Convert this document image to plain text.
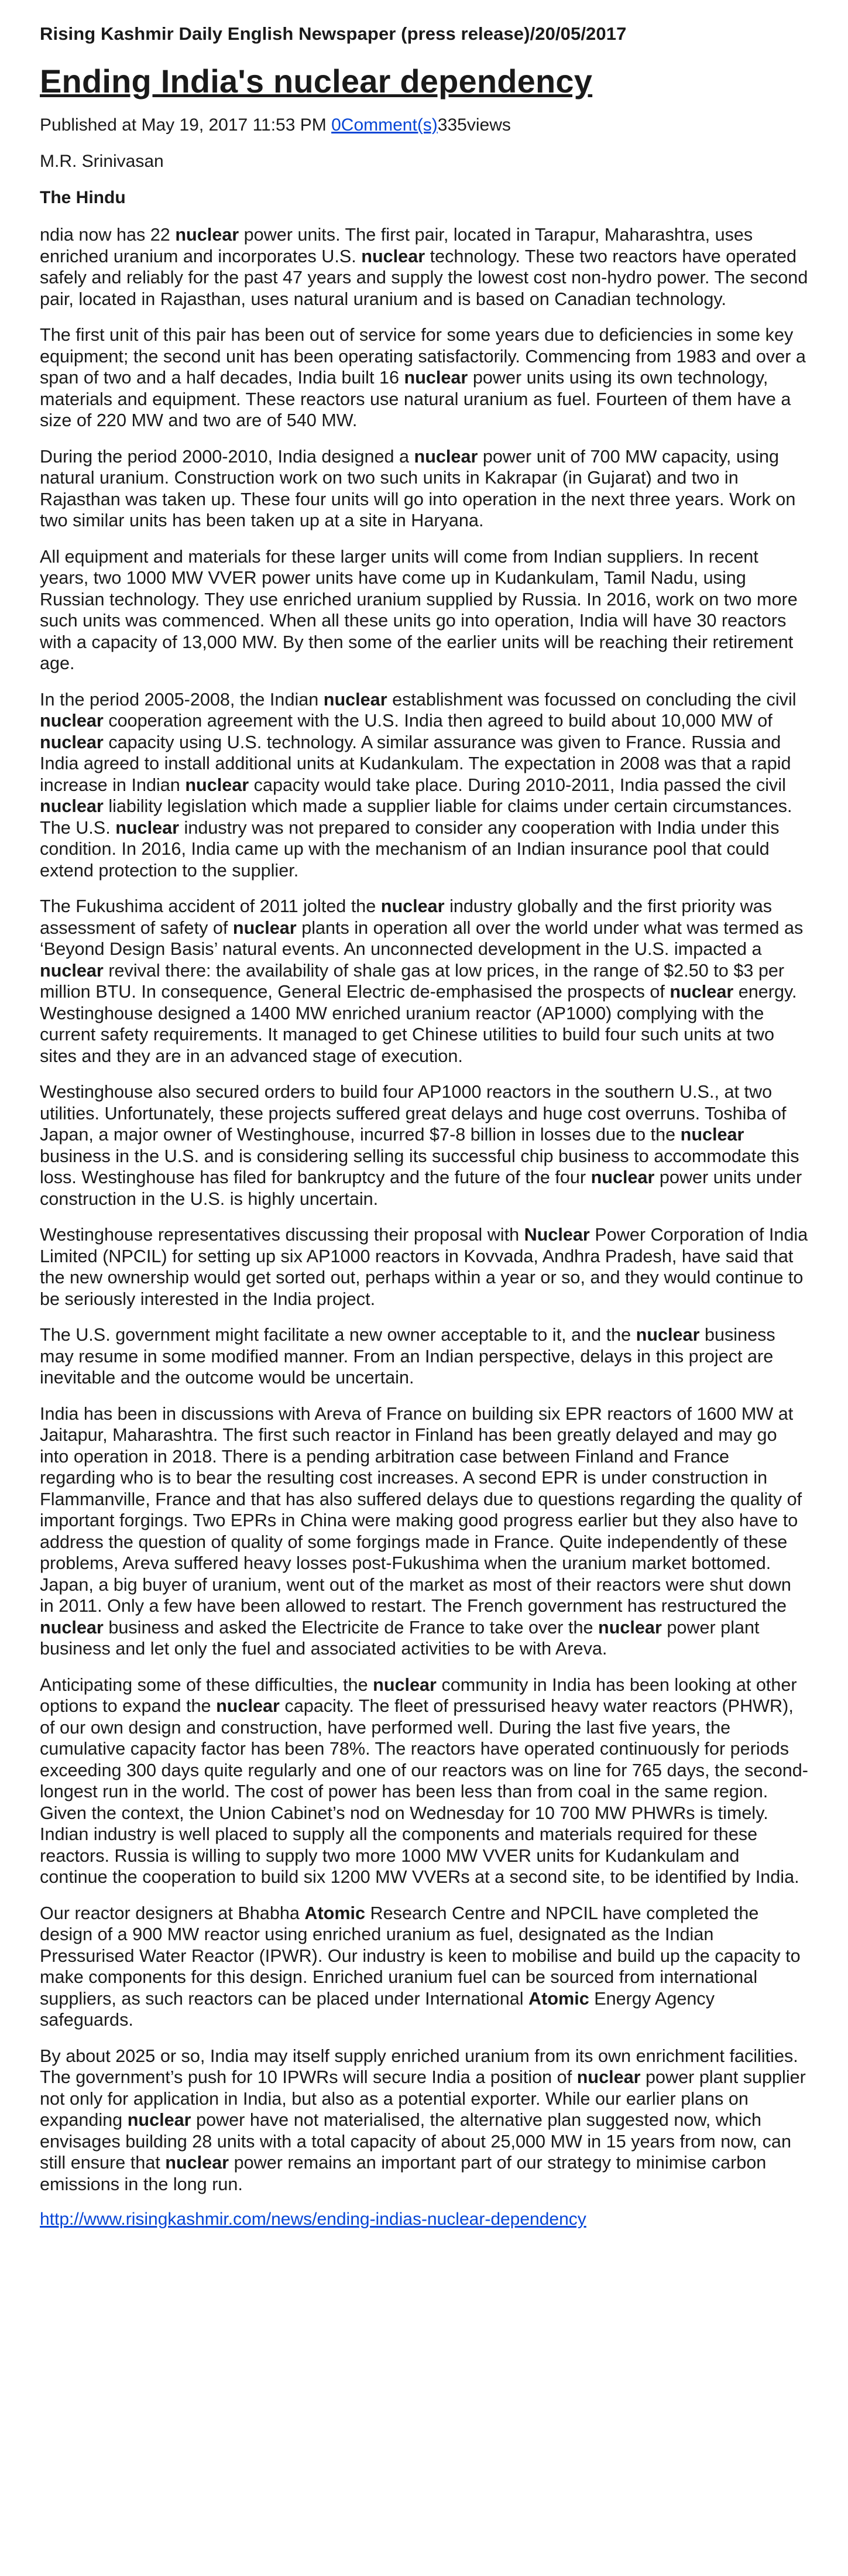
Rising Kashmir Daily English Newspaper (press release)/20/05/2017
Ending India's nuclear dependency
Published at May 19, 2017 11:53 PM 0Comment(s)335views
M.R. Srinivasan
The Hindu

ndia now has 22 nuclear power units. The first pair, located in Tarapur, Maharashtra, uses enriched uranium and incorporates U.S. nuclear technology. These two reactors have operated safely and reliably for the past 47 years and supply the lowest cost non-hydro power. The second pair, located in Rajasthan, uses natural uranium and is based on Canadian technology.

The first unit of this pair has been out of service for some years due to deficiencies in some key equipment; the second unit has been operating satisfactorily. Commencing from 1983 and over a span of two and a half decades, India built 16 nuclear power units using its own technology, materials and equipment. These reactors use natural uranium as fuel. Fourteen of them have a size of 220 MW and two are of 540 MW.

During the period 2000-2010, India designed a nuclear power unit of 700 MW capacity, using natural uranium. Construction work on two such units in Kakrapar (in Gujarat) and two in Rajasthan was taken up. These four units will go into operation in the next three years. Work on two similar units has been taken up at a site in Haryana.

All equipment and materials for these larger units will come from Indian suppliers. In recent years, two 1000 MW VVER power units have come up in Kudankulam, Tamil Nadu, using Russian technology. They use enriched uranium supplied by Russia. In 2016, work on two more such units was commenced. When all these units go into operation, India will have 30 reactors with a capacity of 13,000 MW. By then some of the earlier units will be reaching their retirement age.

In the period 2005-2008, the Indian nuclear establishment was focussed on concluding the civil nuclear cooperation agreement with the U.S. India then agreed to build about 10,000 MW of nuclear capacity using U.S. technology. A similar assurance was given to France. Russia and India agreed to install additional units at Kudankulam. The expectation in 2008 was that a rapid increase in Indian nuclear capacity would take place. During 2010-2011, India passed the civil nuclear liability legislation which made a supplier liable for claims under certain circumstances. The U.S. nuclear industry was not prepared to consider any cooperation with India under this condition. In 2016, India came up with the mechanism of an Indian insurance pool that could extend protection to the supplier.

The Fukushima accident of 2011 jolted the nuclear industry globally and the first priority was assessment of safety of nuclear plants in operation all over the world under what was termed as ‘Beyond Design Basis’ natural events. An unconnected development in the U.S. impacted a nuclear revival there: the availability of shale gas at low prices, in the range of $2.50 to $3 per million BTU. In consequence, General Electric de-emphasised the prospects of nuclear energy. Westinghouse designed a 1400 MW enriched uranium reactor (AP1000) complying with the current safety requirements. It managed to get Chinese utilities to build four such units at two sites and they are in an advanced stage of execution.

Westinghouse also secured orders to build four AP1000 reactors in the southern U.S., at two utilities. Unfortunately, these projects suffered great delays and huge cost overruns. Toshiba of Japan, a major owner of Westinghouse, incurred $7-8 billion in losses due to the nuclear business in the U.S. and is considering selling its successful chip business to accommodate this loss. Westinghouse has filed for bankruptcy and the future of the four nuclear power units under construction in the U.S. is highly uncertain.

Westinghouse representatives discussing their proposal with Nuclear Power Corporation of India Limited (NPCIL) for setting up six AP1000 reactors in Kovvada, Andhra Pradesh, have said that the new ownership would get sorted out, perhaps within a year or so, and they would continue to be seriously interested in the India project.

The U.S. government might facilitate a new owner acceptable to it, and the nuclear business may resume in some modified manner. From an Indian perspective, delays in this project are inevitable and the outcome would be uncertain.

India has been in discussions with Areva of France on building six EPR reactors of 1600 MW at Jaitapur, Maharashtra. The first such reactor in Finland has been greatly delayed and may go into operation in 2018. There is a pending arbitration case between Finland and France regarding who is to bear the resulting cost increases. A second EPR is under construction in Flammanville, France and that has also suffered delays due to questions regarding the quality of important forgings. Two EPRs in China were making good progress earlier but they also have to address the question of quality of some forgings made in France. Quite independently of these problems, Areva suffered heavy losses post-Fukushima when the uranium market bottomed. Japan, a big buyer of uranium, went out of the market as most of their reactors were shut down in 2011. Only a few have been allowed to restart. The French government has restructured the nuclear business and asked the Electricite de France to take over the nuclear power plant business and let only the fuel and associated activities to be with Areva.

Anticipating some of these difficulties, the nuclear community in India has been looking at other options to expand the nuclear capacity. The fleet of pressurised heavy water reactors (PHWR), of our own design and construction, have performed well. During the last five years, the cumulative capacity factor has been 78%. The reactors have operated continuously for periods exceeding 300 days quite regularly and one of our reactors was on line for 765 days, the second-longest run in the world. The cost of power has been less than from coal in the same region. Given the context, the Union Cabinet’s nod on Wednesday for 10 700 MW PHWRs is timely. Indian industry is well placed to supply all the components and materials required for these reactors. Russia is willing to supply two more 1000 MW VVER units for Kudankulam and continue the cooperation to build six 1200 MW VVERs at a second site, to be identified by India.

Our reactor designers at Bhabha Atomic Research Centre and NPCIL have completed the design of a 900 MW reactor using enriched uranium as fuel, designated as the Indian Pressurised Water Reactor (IPWR). Our industry is keen to mobilise and build up the capacity to make components for this design. Enriched uranium fuel can be sourced from international suppliers, as such reactors can be placed under International Atomic Energy Agency safeguards.

By about 2025 or so, India may itself supply enriched uranium from its own enrichment facilities. The government’s push for 10 IPWRs will secure India a position of nuclear power plant supplier not only for application in India, but also as a potential exporter. While our earlier plans on expanding nuclear power have not materialised, the alternative plan suggested now, which envisages building 28 units with a total capacity of about 25,000 MW in 15 years from now, can still ensure that nuclear power remains an important part of our strategy to minimise carbon emissions in the long run.

http://www.risingkashmir.com/news/ending-indias-nuclear-dependency
